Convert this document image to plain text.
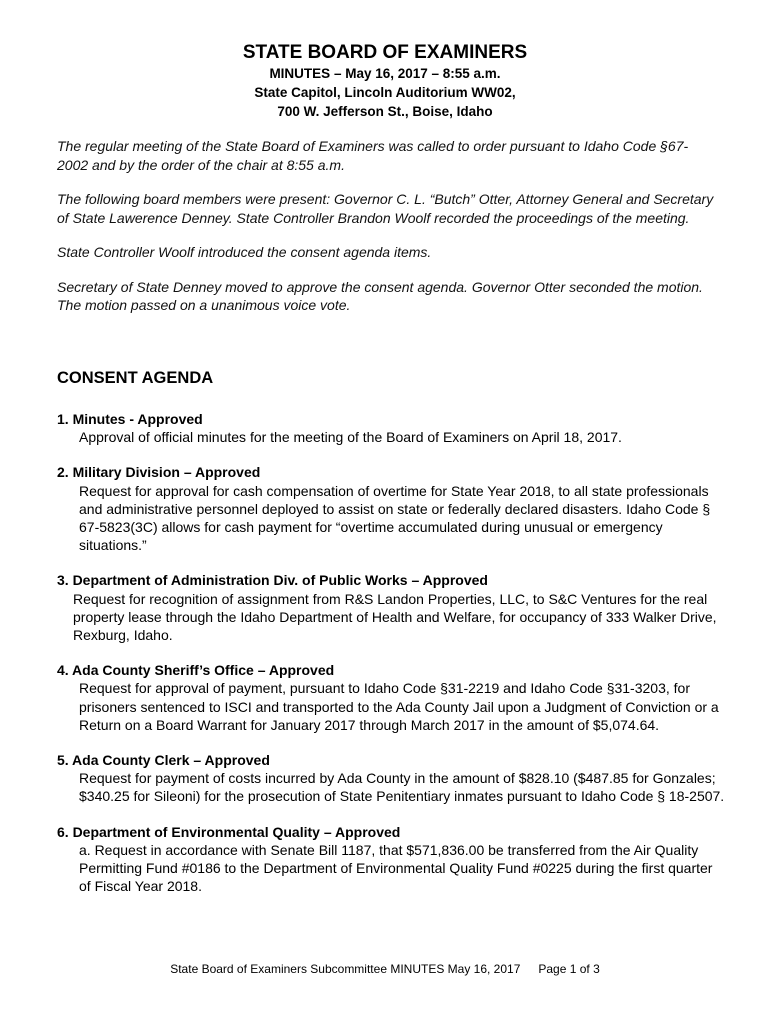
STATE BOARD OF EXAMINERS

MINUTES – May 16, 2017 – 8:55 a.m.

State Capitol, Lincoln Auditorium WW02,

700 W. Jefferson St., Boise, Idaho

The regular meeting of the State Board of Examiners was called to order pursuant to Idaho Code §67-2002 and by the order of the chair at 8:55 a.m.

The following board members were present: Governor C. L. “Butch” Otter, Attorney General and Secretary of State Lawerence Denney. State Controller Brandon Woolf recorded the proceedings of the meeting.

State Controller Woolf introduced the consent agenda items.

Secretary of State Denney moved to approve the consent agenda. Governor Otter seconded the motion. The motion passed on a unanimous voice vote.

CONSENT AGENDA
1. Minutes - Approved
Approval of official minutes for the meeting of the Board of Examiners on April 18, 2017.
2. Military Division – Approved
Request for approval for cash compensation of overtime for State Year 2018, to all state professionals and administrative personnel deployed to assist on state or federally declared disasters. Idaho Code § 67-5823(3C) allows for cash payment for “overtime accumulated during unusual or emergency situations.”
3. Department of Administration Div. of Public Works – Approved
Request for recognition of assignment from R&S Landon Properties, LLC, to S&C Ventures for the real property lease through the Idaho Department of Health and Welfare, for occupancy of 333 Walker Drive, Rexburg, Idaho.
4. Ada County Sheriff’s Office – Approved
Request for approval of payment, pursuant to Idaho Code §31-2219 and Idaho Code §31-3203, for prisoners sentenced to ISCI and transported to the Ada County Jail upon a Judgment of Conviction or a Return on a Board Warrant for January 2017 through March 2017 in the amount of $5,074.64.
5. Ada County Clerk – Approved
Request for payment of costs incurred by Ada County in the amount of $828.10 ($487.85 for Gonzales; $340.25 for Sileoni) for the prosecution of State Penitentiary inmates pursuant to Idaho Code § 18-2507.
6. Department of Environmental Quality – Approved
a. Request in accordance with Senate Bill 1187, that $571,836.00 be transferred from the Air Quality Permitting Fund #0186 to the Department of Environmental Quality Fund #0225 during the first quarter of Fiscal Year 2018.
State Board of Examiners Subcommittee MINUTES May 16, 2017 Page 1 of 3
